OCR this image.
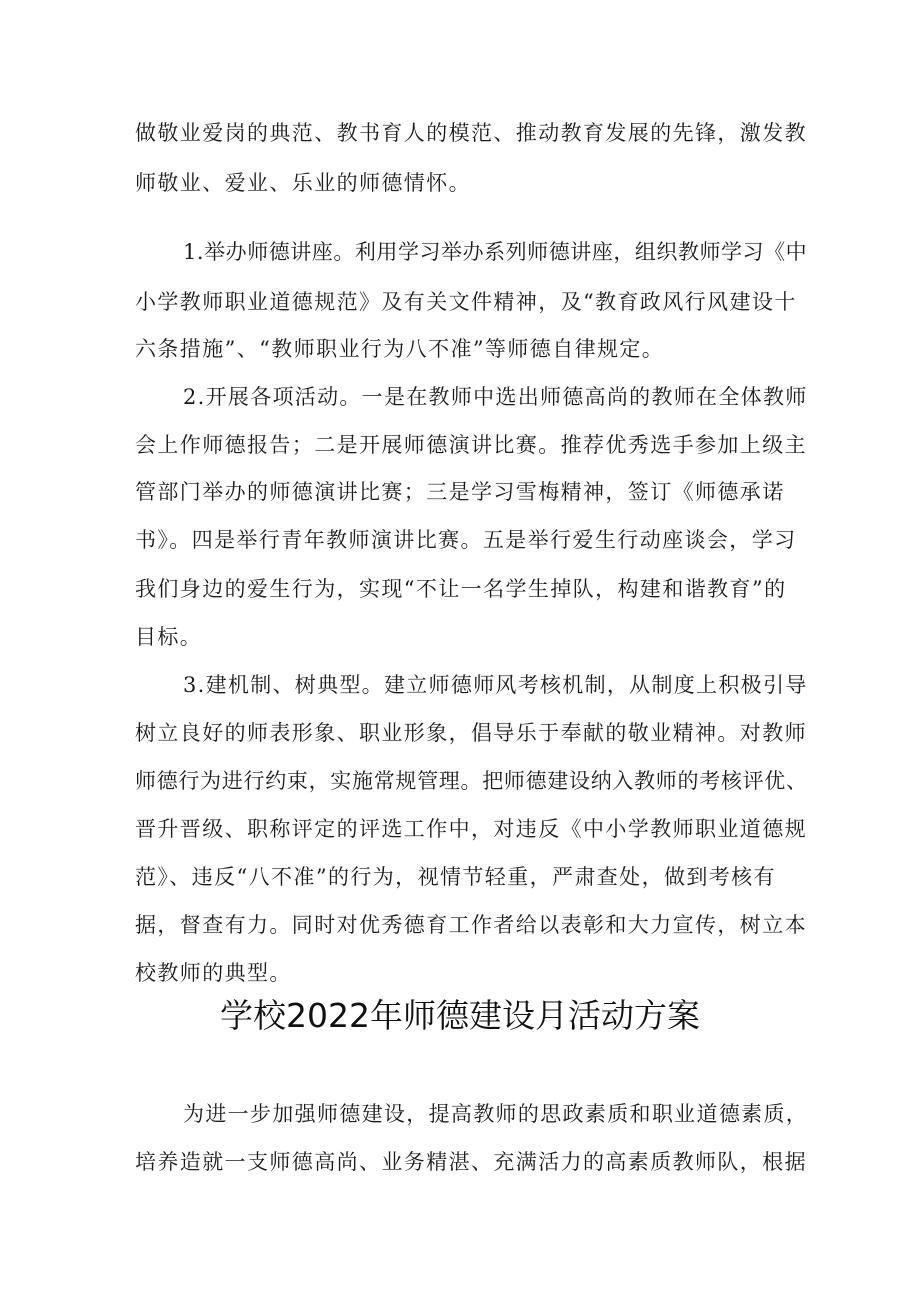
做敬业爱岗的典范、教书育人的模范、推动教育发展的先锋，激发教
师敬业、爱业、乐业的师德情怀。
1.举办师德讲座。利用学习举办系列师德讲座，组织教师学习《中
小学教师职业道德规范》及有关文件精神，及“教育政风行风建设十
六条措施”、“教师职业行为八不准”等师德自律规定。
2.开展各项活动。一是在教师中选出师德高尚的教师在全体教师
会上作师德报告；二是开展师德演讲比赛。推荐优秀选手参加上级主
管部门举办的师德演讲比赛；三是学习雪梅精神，签订《师德承诺
书》。四是举行青年教师演讲比赛。五是举行爱生行动座谈会，学习
我们身边的爱生行为，实现“不让一名学生掉队，构建和谐教育”的
目标。
3.建机制、树典型。建立师德师风考核机制，从制度上积极引导
树立良好的师表形象、职业形象，倡导乐于奉献的敬业精神。对教师
师德行为进行约束，实施常规管理。把师德建设纳入教师的考核评优、
晋升晋级、职称评定的评选工作中，对违反《中小学教师职业道德规
范》、违反“八不准”的行为，视情节轻重，严肃查处，做到考核有
据，督查有力。同时对优秀德育工作者给以表彰和大力宣传，树立本
校教师的典型。
学校2022年师德建设月活动方案
为进一步加强师德建设，提高教师的思政素质和职业道德素质，
培养造就一支师德高尚、业务精湛、充满活力的高素质教师队，根据
